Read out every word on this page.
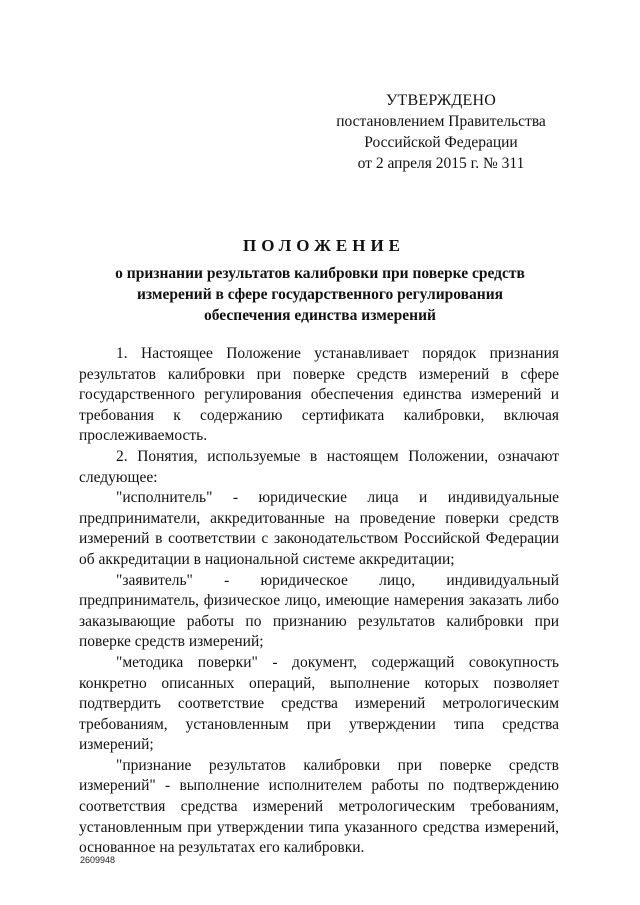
УТВЕРЖДЕНО
постановлением Правительства
Российской Федерации
от 2 апреля 2015 г. № 311
ПОЛОЖЕНИЕ
о признании результатов калибровки при поверке средств
измерений в сфере государственного регулирования
обеспечения единства измерений

1. Настоящее Положение устанавливает порядок признания результатов калибровки при поверке средств измерений в сфере государственного регулирования обеспечения единства измерений и требования к содержанию сертификата калибровки, включая прослеживаемость.

2. Понятия, используемые в настоящем Положении, означают следующее:

"исполнитель" - юридические лица и индивидуальные предприниматели, аккредитованные на проведение поверки средств измерений в соответствии с законодательством Российской Федерации об аккредитации в национальной системе аккредитации;

"заявитель" - юридическое лицо, индивидуальный предприниматель, физическое лицо, имеющие намерения заказать либо заказывающие работы по признанию результатов калибровки при поверке средств измерений;

"методика поверки" - документ, содержащий совокупность конкретно описанных операций, выполнение которых позволяет подтвердить соответствие средства измерений метрологическим требованиям, установленным при утверждении типа средства измерений;

"признание результатов калибровки при поверке средств измерений" - выполнение исполнителем работы по подтверждению соответствия средства измерений метрологическим требованиям, установленным при утверждении типа указанного средства измерений, основанное на результатах его калибровки.

2609948
